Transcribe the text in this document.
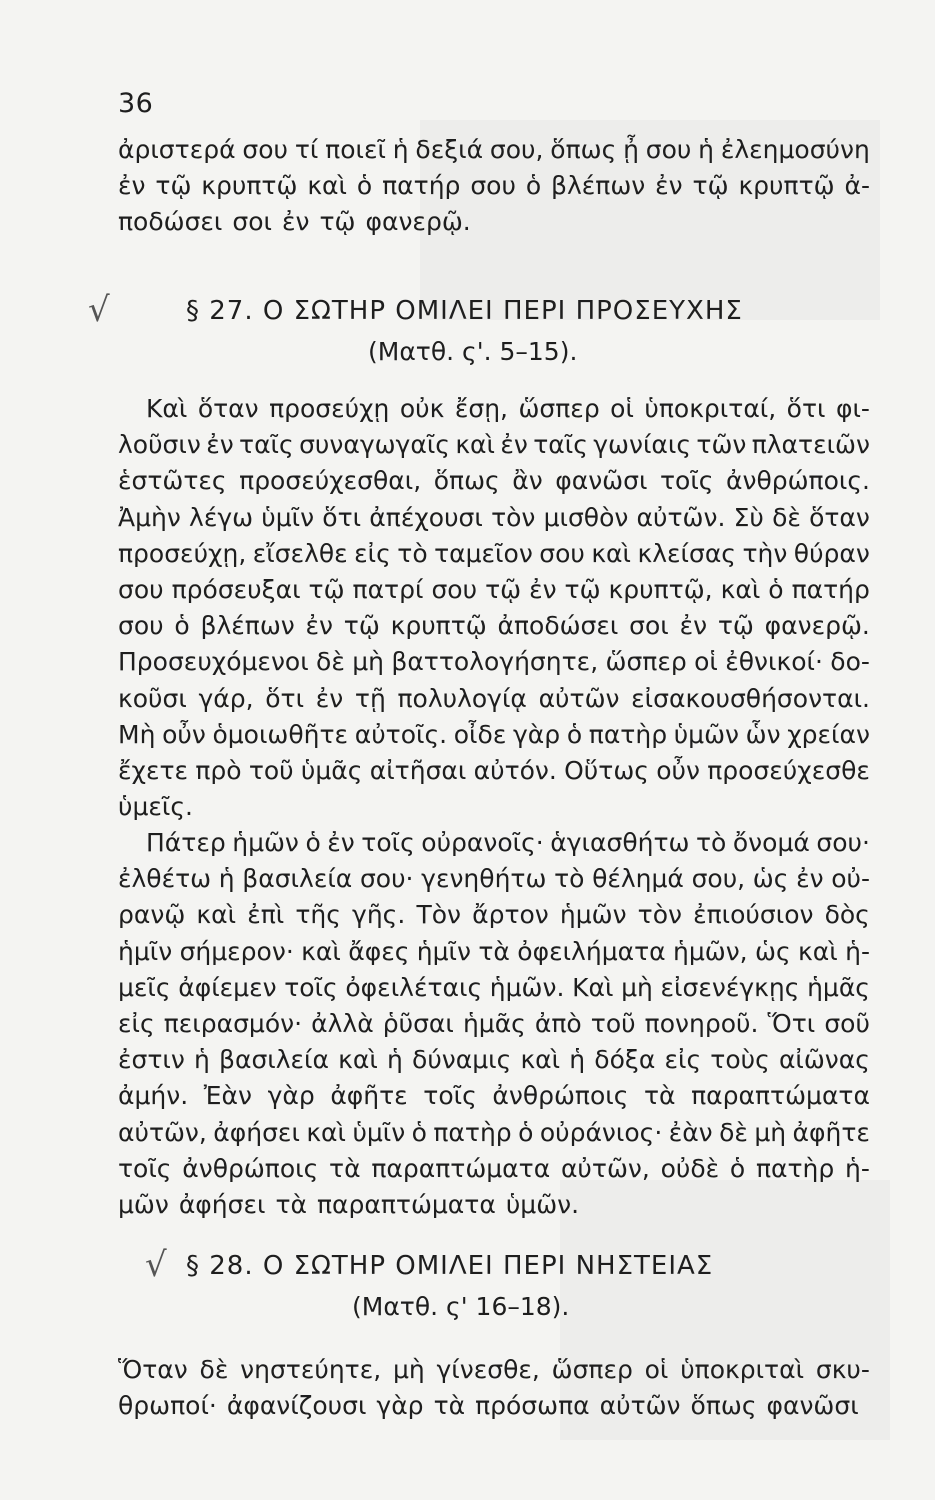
36
ἀριστερά σου τί ποιεῖ ἡ δεξιά σου, ὅπως ᾖ σου ἡ ἐλεημοσύνη
ἐν τῷ κρυπτῷ καὶ ὁ πατήρ σου ὁ βλέπων ἐν τῷ κρυπτῷ ἀ-
ποδώσει σοι ἐν τῷ φανερῷ.
√	§ 27. Ο ΣΩΤΗΡ ΟΜΙΛΕΙ ΠΕΡΙ ΠΡΟΣΕΥΧΗΣ
(Ματθ. ς'. 5–15).
Καὶ ὅταν προσεύχῃ οὐκ ἔσῃ, ὥσπερ οἱ ὑποκριταί, ὅτι φι-
λοῦσιν ἐν ταῖς συναγωγαῖς καὶ ἐν ταῖς γωνίαις τῶν πλατειῶν
ἑστῶτες προσεύχεσθαι, ὅπως ἂν φανῶσι τοῖς ἀνθρώποις.
Ἀμὴν λέγω ὑμῖν ὅτι ἀπέχουσι τὸν μισθὸν αὐτῶν. Σὺ δὲ ὅταν
προσεύχῃ, εἴσελθε εἰς τὸ ταμεῖον σου καὶ κλείσας τὴν θύραν
σου πρόσευξαι τῷ πατρί σου τῷ ἐν τῷ κρυπτῷ, καὶ ὁ πατήρ
σου ὁ βλέπων ἐν τῷ κρυπτῷ ἀποδώσει σοι ἐν τῷ φανερῷ.
Προσευχόμενοι δὲ μὴ βαττολογήσητε, ὥσπερ οἱ ἐθνικοί· δο-
κοῦσι γάρ, ὅτι ἐν τῇ πολυλογίᾳ αὐτῶν εἰσακουσθήσονται.
Μὴ οὖν ὁμοιωθῆτε αὐτοῖς. οἶδε γὰρ ὁ πατὴρ ὑμῶν ὧν χρείαν
ἔχετε πρὸ τοῦ ὑμᾶς αἰτῆσαι αὐτόν. Οὕτως οὖν προσεύχεσθε
ὑμεῖς.
Πάτερ ἡμῶν ὁ ἐν τοῖς οὐρανοῖς· ἁγιασθήτω τὸ ὄνομά σου·
ἐλθέτω ἡ βασιλεία σου· γενηθήτω τὸ θέλημά σου, ὡς ἐν οὐ-
ρανῷ καὶ ἐπὶ τῆς γῆς. Τὸν ἄρτον ἡμῶν τὸν ἐπιούσιον δὸς
ἡμῖν σήμερον· καὶ ἄφες ἡμῖν τὰ ὀφειλήματα ἡμῶν, ὡς καὶ ἡ-
μεῖς ἀφίεμεν τοῖς ὀφειλέταις ἡμῶν. Καὶ μὴ εἰσενέγκῃς ἡμᾶς
εἰς πειρασμόν· ἀλλὰ ῥῦσαι ἡμᾶς ἀπὸ τοῦ πονηροῦ. Ὅτι σοῦ
ἐστιν ἡ βασιλεία καὶ ἡ δύναμις καὶ ἡ δόξα εἰς τοὺς αἰῶνας
ἀμήν. Ἐὰν γὰρ ἀφῆτε τοῖς ἀνθρώποις τὰ παραπτώματα
αὐτῶν, ἀφήσει καὶ ὑμῖν ὁ πατὴρ ὁ οὐράνιος· ἐὰν δὲ μὴ ἀφῆτε
τοῖς ἀνθρώποις τὰ παραπτώματα αὐτῶν, οὐδὲ ὁ πατὴρ ἡ-
μῶν ἀφήσει τὰ παραπτώματα ὑμῶν.
√ § 28. Ο ΣΩΤΗΡ ΟΜΙΛΕΙ ΠΕΡΙ ΝΗΣΤΕΙΑΣ
(Ματθ. ς' 16–18).
Ὅταν δὲ νηστεύητε, μὴ γίνεσθε, ὥσπερ οἱ ὑποκριταὶ σκυ-
θρωποί· ἀφανίζουσι γὰρ τὰ πρόσωπα αὐτῶν ὅπως φανῶσι
